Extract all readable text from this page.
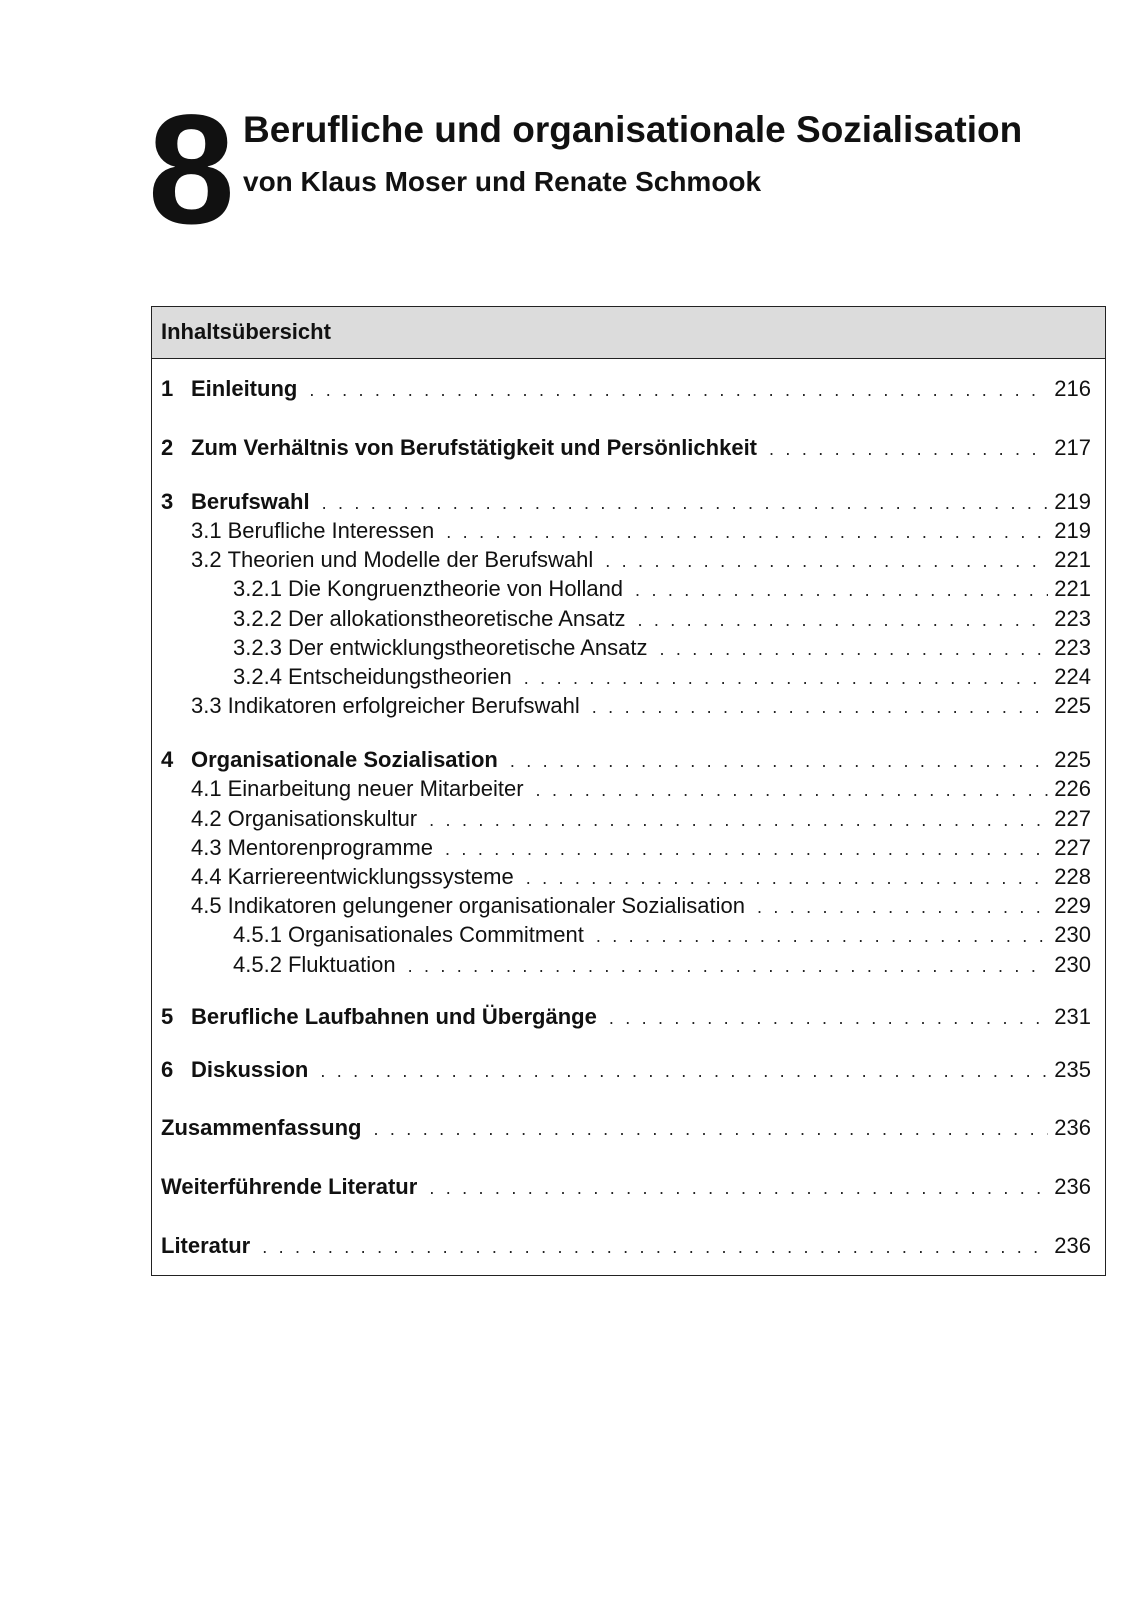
8 Berufliche und organisationale Sozialisation
von Klaus Moser und Renate Schmook
Inhaltsübersicht
1 Einleitung . . .	216
2 Zum Verhältnis von Berufstätigkeit und Persönlichkeit . . .	217
3 Berufswahl . . .	219
3.1 Berufliche Interessen . . .	219
3.2 Theorien und Modelle der Berufswahl . . .	221
3.2.1 Die Kongruenztheorie von Holland . . .	221
3.2.2 Der allokationstheoretische Ansatz . . .	223
3.2.3 Der entwicklungstheoretische Ansatz . . .	223
3.2.4 Entscheidungstheorien . . .	224
3.3 Indikatoren erfolgreicher Berufswahl . . .	225
4 Organisationale Sozialisation . . .	225
4.1 Einarbeitung neuer Mitarbeiter . . .	226
4.2 Organisationskultur . . .	227
4.3 Mentorenprogramme . . .	227
4.4 Karriereentwicklungssysteme . . .	228
4.5 Indikatoren gelungener organisationaler Sozialisation . . .	229
4.5.1 Organisationales Commitment . . .	230
4.5.2 Fluktuation . . .	230
5 Berufliche Laufbahnen und Übergänge . . .	231
6 Diskussion . . .	235
Zusammenfassung . . .	236
Weiterführende Literatur . . .	236
Literatur . . .	236
